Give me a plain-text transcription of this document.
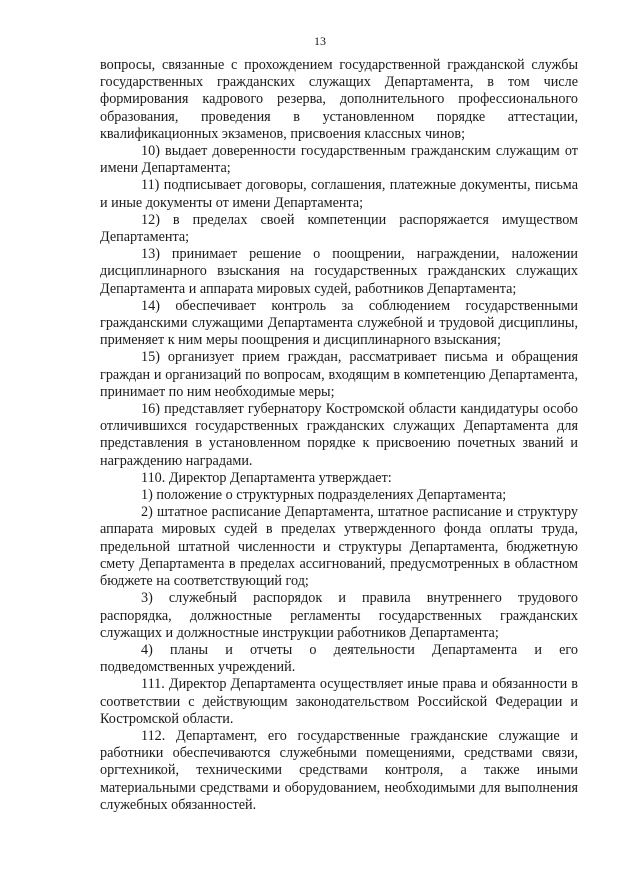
13

вопросы, связанные с прохождением государственной гражданской службы государственных гражданских служащих Департамента, в том числе формирования кадрового резерва, дополнительного профессионального образования, проведения в установленном порядке аттестации, квалификационных экзаменов, присвоения классных чинов;

10) выдает доверенности государственным гражданским служащим от имени Департамента;

11) подписывает договоры, соглашения, платежные документы, письма и иные документы от имени Департамента;

12) в пределах своей компетенции распоряжается имуществом Департамента;

13) принимает решение о поощрении, награждении, наложении дисциплинарного взыскания на государственных гражданских служащих Департамента и аппарата мировых судей, работников Департамента;

14) обеспечивает контроль за соблюдением государственными гражданскими служащими Департамента служебной и трудовой дисциплины, применяет к ним меры поощрения и дисциплинарного взыскания;

15) организует прием граждан, рассматривает письма и обращения граждан и организаций по вопросам, входящим в компетенцию Департамента, принимает по ним необходимые меры;

16) представляет губернатору Костромской области кандидатуры особо отличившихся государственных гражданских служащих Департамента для представления в установленном порядке к присвоению почетных званий и награждению наградами.

110. Директор Департамента утверждает:

1) положение о структурных подразделениях Департамента;

2) штатное расписание Департамента, штатное расписание и структуру аппарата мировых судей в пределах утвержденного фонда оплаты труда, предельной штатной численности и структуры Департамента, бюджетную смету Департамента в пределах ассигнований, предусмотренных в областном бюджете на соответствующий год;

3) служебный распорядок и правила внутреннего трудового распорядка, должностные регламенты государственных гражданских служащих и должностные инструкции работников Департамента;

4) планы и отчеты о деятельности Департамента и его подведомственных учреждений.

111. Директор Департамента осуществляет иные права и обязанности в соответствии с действующим законодательством Российской Федерации и Костромской области.

112. Департамент, его государственные гражданские служащие и работники обеспечиваются служебными помещениями, средствами связи, оргтехникой, техническими средствами контроля, а также иными материальными средствами и оборудованием, необходимыми для выполнения служебных обязанностей.
